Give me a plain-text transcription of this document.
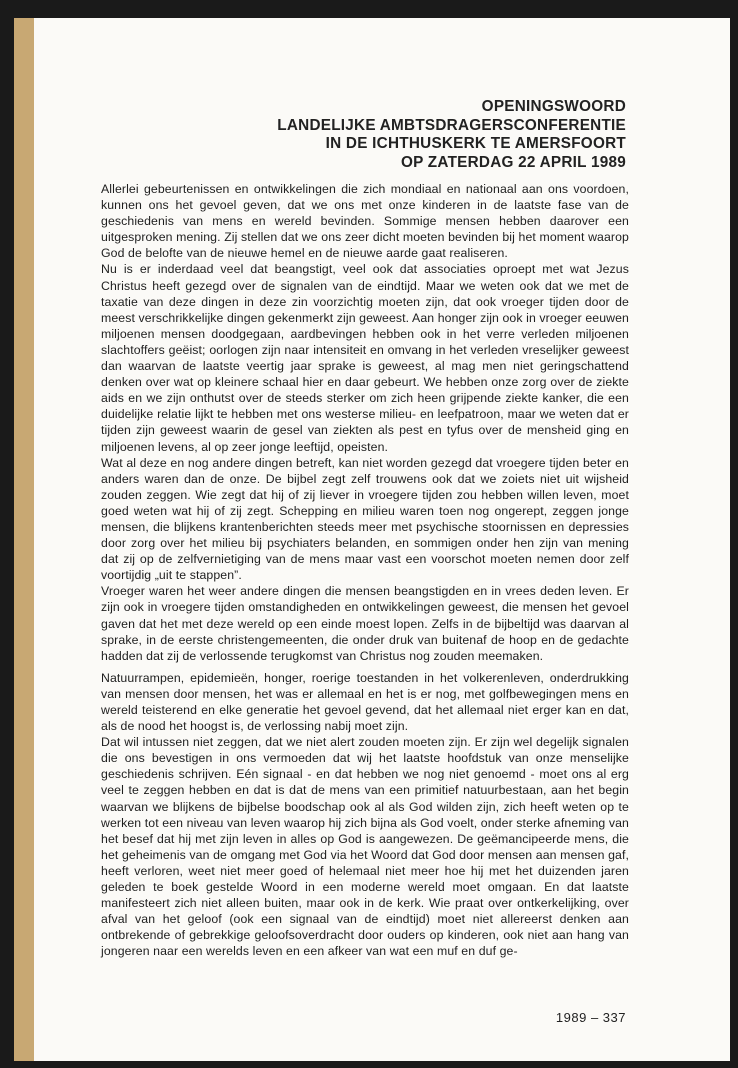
OPENINGSWOORD
LANDELIJKE AMBTSDRAGERSCONFERENTIE
IN DE ICHTHUSKERK TE AMERSFOORT
OP ZATERDAG 22 APRIL 1989

Allerlei gebeurtenissen en ontwikkelingen die zich mondiaal en nationaal aan ons voordoen, kunnen ons het gevoel geven, dat we ons met onze kinderen in de laatste fase van de geschiedenis van mens en wereld bevinden. Sommige mensen hebben daarover een uitgesproken mening. Zij stellen dat we ons zeer dicht moeten bevinden bij het moment waarop God de belofte van de nieuwe hemel en de nieuwe aarde gaat realiseren.

Nu is er inderdaad veel dat beangstigt, veel ook dat associaties oproept met wat Jezus Christus heeft gezegd over de signalen van de eindtijd. Maar we weten ook dat we met de taxatie van deze dingen in deze zin voorzichtig moeten zijn, dat ook vroeger tijden door de meest verschrikkelijke dingen gekenmerkt zijn geweest. Aan honger zijn ook in vroeger eeuwen miljoenen mensen doodgegaan, aardbevingen hebben ook in het verre verleden miljoenen slachtoffers geëist; oorlogen zijn naar intensiteit en omvang in het verleden vreselijker geweest dan waarvan de laatste veertig jaar sprake is geweest, al mag men niet geringschattend denken over wat op kleinere schaal hier en daar gebeurt. We hebben onze zorg over de ziekte aids en we zijn onthutst over de steeds sterker om zich heen grijpende ziekte kanker, die een duidelijke relatie lijkt te hebben met ons westerse milieu- en leefpatroon, maar we weten dat er tijden zijn geweest waarin de gesel van ziekten als pest en tyfus over de mensheid ging en miljoenen levens, al op zeer jonge leeftijd, opeisten.

Wat al deze en nog andere dingen betreft, kan niet worden gezegd dat vroegere tijden beter en anders waren dan de onze. De bijbel zegt zelf trouwens ook dat we zoiets niet uit wijsheid zouden zeggen. Wie zegt dat hij of zij liever in vroegere tijden zou hebben willen leven, moet goed weten wat hij of zij zegt. Schepping en milieu waren toen nog ongerept, zeggen jonge mensen, die blijkens krantenberichten steeds meer met psychische stoornissen en depressies door zorg over het milieu bij psychiaters belanden, en sommigen onder hen zijn van mening dat zij op de zelfvernietiging van de mens maar vast een voorschot moeten nemen door zelf voortijdig „uit te stappen”.

Vroeger waren het weer andere dingen die mensen beangstigden en in vrees deden leven. Er zijn ook in vroegere tijden omstandigheden en ontwikkelingen geweest, die mensen het gevoel gaven dat het met deze wereld op een einde moest lopen. Zelfs in de bijbeltijd was daarvan al sprake, in de eerste christengemeenten, die onder druk van buitenaf de hoop en de gedachte hadden dat zij de verlossende terugkomst van Christus nog zouden meemaken.

Natuurrampen, epidemieën, honger, roerige toestanden in het volkerenleven, onderdrukking van mensen door mensen, het was er allemaal en het is er nog, met golfbewegingen mens en wereld teisterend en elke generatie het gevoel gevend, dat het allemaal niet erger kan en dat, als de nood het hoogst is, de verlossing nabij moet zijn.

Dat wil intussen niet zeggen, dat we niet alert zouden moeten zijn. Er zijn wel degelijk signalen die ons bevestigen in ons vermoeden dat wij het laatste hoofdstuk van onze menselijke geschiedenis schrijven. Eén signaal - en dat hebben we nog niet genoemd - moet ons al erg veel te zeggen hebben en dat is dat de mens van een primitief natuurbestaan, aan het begin waarvan we blijkens de bijbelse boodschap ook al als God wilden zijn, zich heeft weten op te werken tot een niveau van leven waarop hij zich bijna als God voelt, onder sterke afneming van het besef dat hij met zijn leven in alles op God is aangewezen. De geëmancipeerde mens, die het geheimenis van de omgang met God via het Woord dat God door mensen aan mensen gaf, heeft verloren, weet niet meer goed of helemaal niet meer hoe hij met het duizenden jaren geleden te boek gestelde Woord in een moderne wereld moet omgaan. En dat laatste manifesteert zich niet alleen buiten, maar ook in de kerk. Wie praat over ontkerkelijking, over afval van het geloof (ook een signaal van de eindtijd) moet niet allereerst denken aan ontbrekende of gebrekkige geloofsoverdracht door ouders op kinderen, ook niet aan hang van jongeren naar een werelds leven en een afkeer van wat een muf en duf ge-

1989 – 337
